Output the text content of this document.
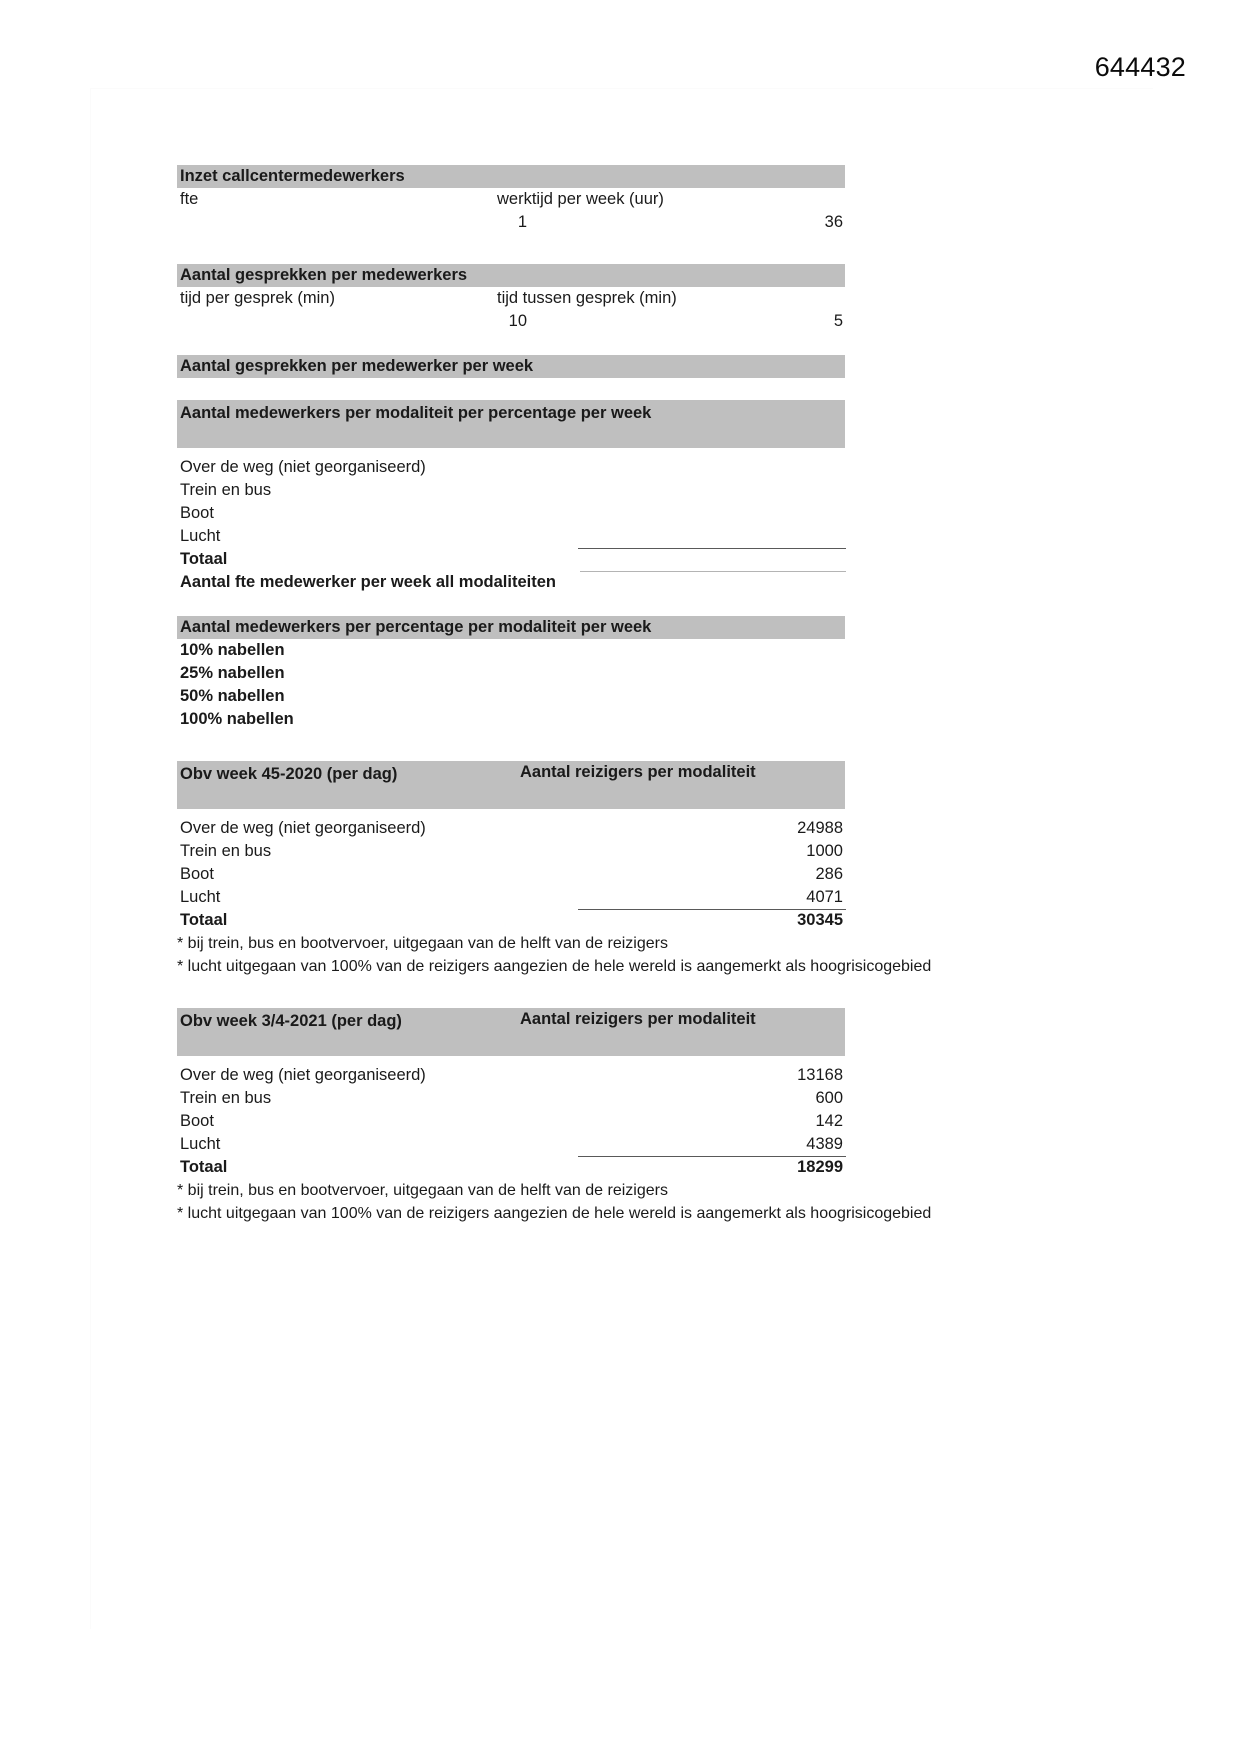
644432
Inzet callcentermedewerkers
fte	werktijd per week (uur)
1	36
Aantal gesprekken per medewerkers
tijd per gesprek (min)	tijd tussen gesprek (min)
10	5
Aantal gesprekken per medewerker per week
Aantal medewerkers per modaliteit per percentage per week
Over de weg (niet georganiseerd)
Trein en bus
Boot
Lucht
Totaal
Aantal fte medewerker per week all modaliteiten
Aantal medewerkers per percentage per modaliteit per week
10% nabellen
25% nabellen
50% nabellen
100% nabellen
Obv week 45-2020 (per dag)	Aantal reizigers per modaliteit
Over de weg (niet georganiseerd)	24988
Trein en bus	1000
Boot	286
Lucht	4071
Totaal	30345
* bij trein, bus en bootvervoer, uitgegaan van de helft van de reizigers
* lucht uitgegaan van 100% van de reizigers aangezien de hele wereld is aangemerkt als hoogrisicogebied
Obv week 3/4-2021 (per dag)	Aantal reizigers per modaliteit
Over de weg (niet georganiseerd)	13168
Trein en bus	600
Boot	142
Lucht	4389
Totaal	18299
* bij trein, bus en bootvervoer, uitgegaan van de helft van de reizigers
* lucht uitgegaan van 100% van de reizigers aangezien de hele wereld is aangemerkt als hoogrisicogebied
